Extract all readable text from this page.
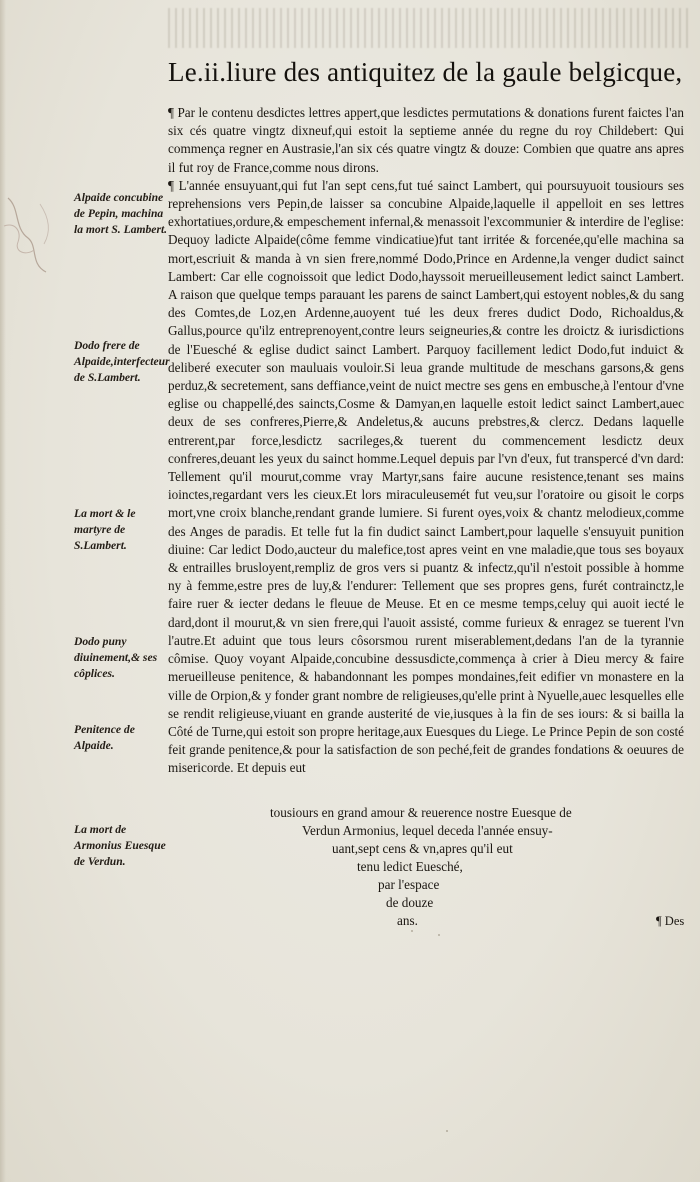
Le.ii.liure des antiquitez de la gaule belgicque,

¶ Par le contenu desdictes lettres appert,que lesdictes permutations & donations furent faictes l'an six cés quatre vingtz dixneuf,qui estoit la septieme année du regne du roy Childebert: Qui commença regner en Austrasie,l'an six cés quatre vingtz & douze: Combien que quatre ans apres il fut roy de France,comme nous dirons.

¶ L'année ensuyuant,qui fut l'an sept cens,fut tué sainct Lambert, qui poursuyuoit tousiours ses reprehensions vers Pepin,de laisser sa concubine Alpaide,laquelle il appelloit en ses lettres exhortatiues,ordure,& empeschement infernal,& menassoit l'excommunier & interdire de l'eglise: Dequoy ladicte Alpaide(côme femme vindicatiue)fut tant irritée & forcenée,qu'elle machina sa mort,escriuit & manda à vn sien frere,nommé Dodo,Prince en Ardenne,la venger dudict sainct Lambert: Car elle cognoissoit que ledict Dodo,hayssoit merueilleusement ledict sainct Lambert. A raison que quelque temps parauant les parens de sainct Lambert,qui estoyent nobles,& du sang des Comtes,de Loz,en Ardenne,auoyent tué les deux freres dudict Dodo, Richoaldus,& Gallus,pource qu'ilz entreprenoyent,contre leurs seigneuries,& contre les droictz & iurisdictions de l'Euesché & eglise dudict sainct Lambert. Parquoy facillement ledict Dodo,fut induict & deliberé executer son mauluais vouloir.Si leua grande multitude de meschans garsons,& gens perduz,& secretement, sans deffiance,veint de nuict mectre ses gens en embusche,à l'entour d'vne eglise ou chappellé,des saincts,Cosme & Damyan,en laquelle estoit ledict sainct Lambert,auec deux de ses confreres,Pierre,& Andeletus,& aucuns prebstres,& clercz. Dedans laquelle entrerent,par force,lesdictz sacrileges,& tuerent du commencement lesdictz deux confreres,deuant les yeux du sainct homme.Lequel depuis par l'vn d'eux, fut transpercé d'vn dard: Tellement qu'il mourut,comme vray Martyr,sans faire aucune resistence,tenant ses mains ioinctes,regardant vers les cieux.Et lors miraculeusemét fut veu,sur l'oratoire ou gisoit le corps mort,vne croix blanche,rendant grande lumiere. Si furent oyes,voix & chantz melodieux,comme des Anges de paradis. Et telle fut la fin dudict sainct Lambert,pour laquelle s'ensuyuit punition diuine: Car ledict Dodo,aucteur du malefice,tost apres veint en vne maladie,que tous ses boyaux & entrailles brusloyent,rempliz de gros vers si puantz & infectz,qu'il n'estoit possible à homme ny à femme,estre pres de luy,& l'endurer: Tellement que ses propres gens, furét contrainctz,le faire ruer & iecter dedans le fleuue de Meuse. Et en ce mesme temps,celuy qui auoit iecté le dard,dont il mourut,& vn sien frere,qui l'auoit assisté, comme furieux & enragez se tuerent l'vn l'autre.Et aduint que tous leurs côsorsmou rurent miserablement,dedans l'an de la tyrannie cômise. Quoy voyant Alpaide,concubine dessusdicte,commença à crier à Dieu mercy & faire merueilleuse penitence, & habandonnant les pompes mondaines,feit edifier vn monastere en la ville de Orpion,& y fonder grant nombre de religieuses,qu'elle print à Nyuelle,auec lesquelles elle se rendit religieuse,viuant en grande austerité de vie,iusques à la fin de ses iours: & si bailla la Côté de Turne,qui estoit son propre heritage,aux Euesques du Liege. Le Prince Pepin de son costé feit grande penitence,& pour la satisfaction de son peché,feit de grandes fondations & oeuures de misericorde. Et depuis eut

tousiours en grand amour & reuerence nostre Euesque de
Verdun Armonius, lequel deceda l'année ensuy-
uant,sept cens & vn,apres qu'il eut
tenu ledict Euesché,
par l'espace
de douze
ans.
Alpaide concubine de Pepin, machina la mort S. Lambert.
Dodo frere de Alpaide,interfecteur de S.Lambert.
La mort & le martyre de S.Lambert.
Dodo puny diuinement,& ses côplices.
Penitence de Alpaide.
La mort de Armonius Euesque de Verdun.
¶ Des
